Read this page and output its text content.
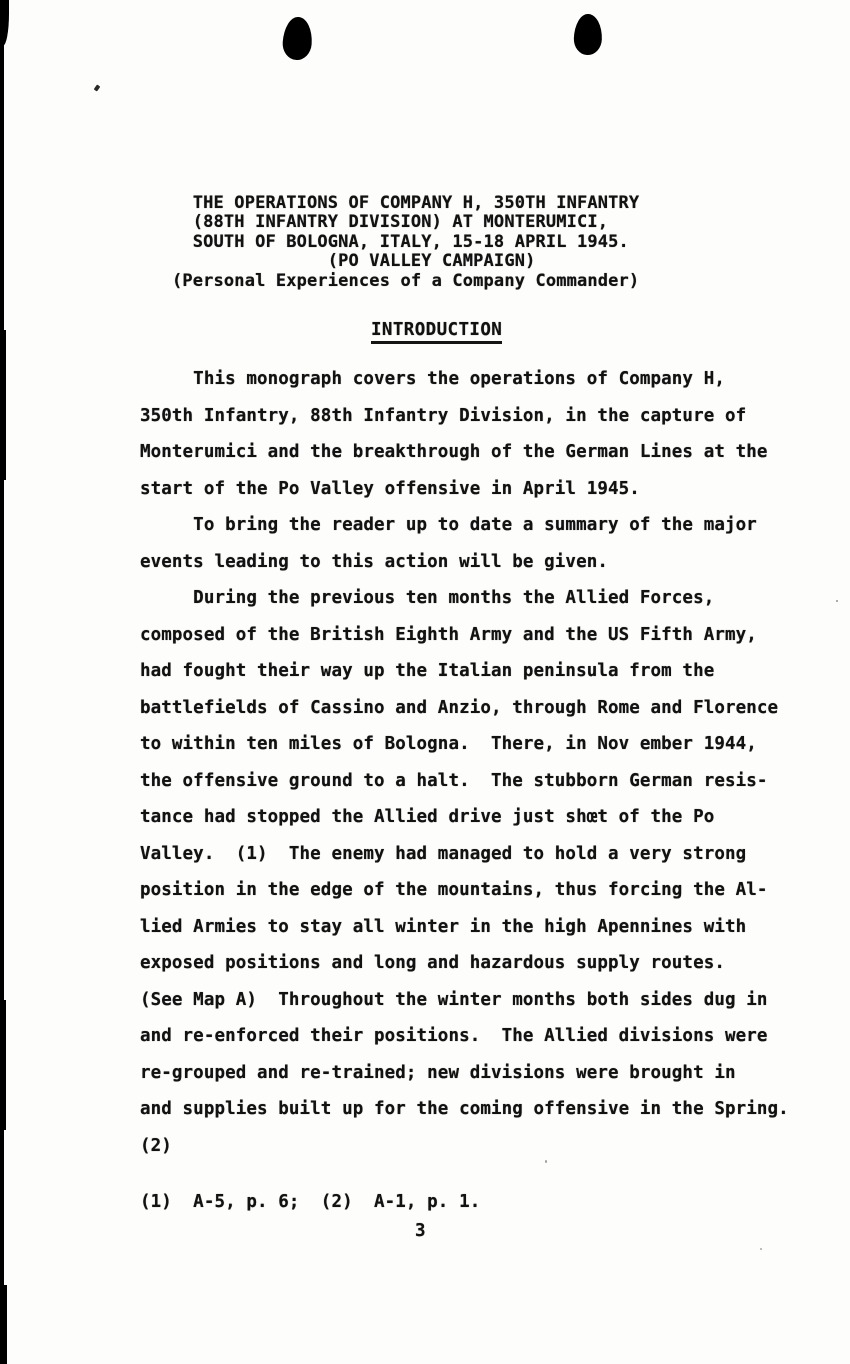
THE OPERATIONS OF COMPANY H, 350TH INFANTRY
(88TH INFANTRY DIVISION) AT MONTERUMICI,
SOUTH OF BOLOGNA, ITALY, 15-18 APRIL 1945.
(PO VALLEY CAMPAIGN)
(Personal Experiences of a Company Commander)
INTRODUCTION
This monograph covers the operations of Company H,
350th Infantry, 88th Infantry Division, in the capture of
Monterumici and the breakthrough of the German Lines at the
start of the Po Valley offensive in April 1945.
To bring the reader up to date a summary of the major
events leading to this action will be given.
During the previous ten months the Allied Forces,
composed of the British Eighth Army and the US Fifth Army,
had fought their way up the Italian peninsula from the
battlefields of Cassino and Anzio, through Rome and Florence
to within ten miles of Bologna.  There, in Nov ember 1944,
the offensive ground to a halt.  The stubborn German resis-
tance had stopped the Allied drive just shœt of the Po
Valley.  (1)  The enemy had managed to hold a very strong
position in the edge of the mountains, thus forcing the Al-
lied Armies to stay all winter in the high Apennines with
exposed positions and long and hazardous supply routes.
(See Map A)  Throughout the winter months both sides dug in
and re-enforced their positions.  The Allied divisions were
re-grouped and re-trained; new divisions were brought in
and supplies built up for the coming offensive in the Spring.
(2)
(1)  A-5, p. 6;  (2)  A-1, p. 1.
3
